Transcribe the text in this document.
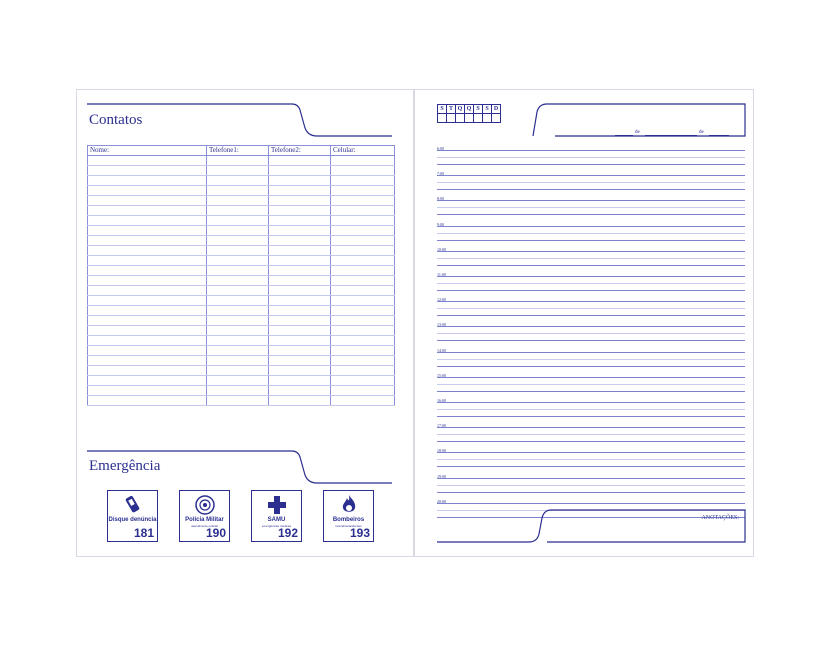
Contatos
Nome:	Telefone1:	Telefone2:	Celular:

Emergência
Disque denúncia
181
Polícia Militar
atendimento policial
190
SAMU
emergências médicas
192
Bombeiros
incêndios/acidentes
193
S	T	Q	Q	S	S	D

de	de
6:00
7:00
8:00
9:00
10:00
11:00
12:00
13:00
14:00
15:00
16:00
17:00
18:00
19:00
20:00
ANOTAÇÕES:
